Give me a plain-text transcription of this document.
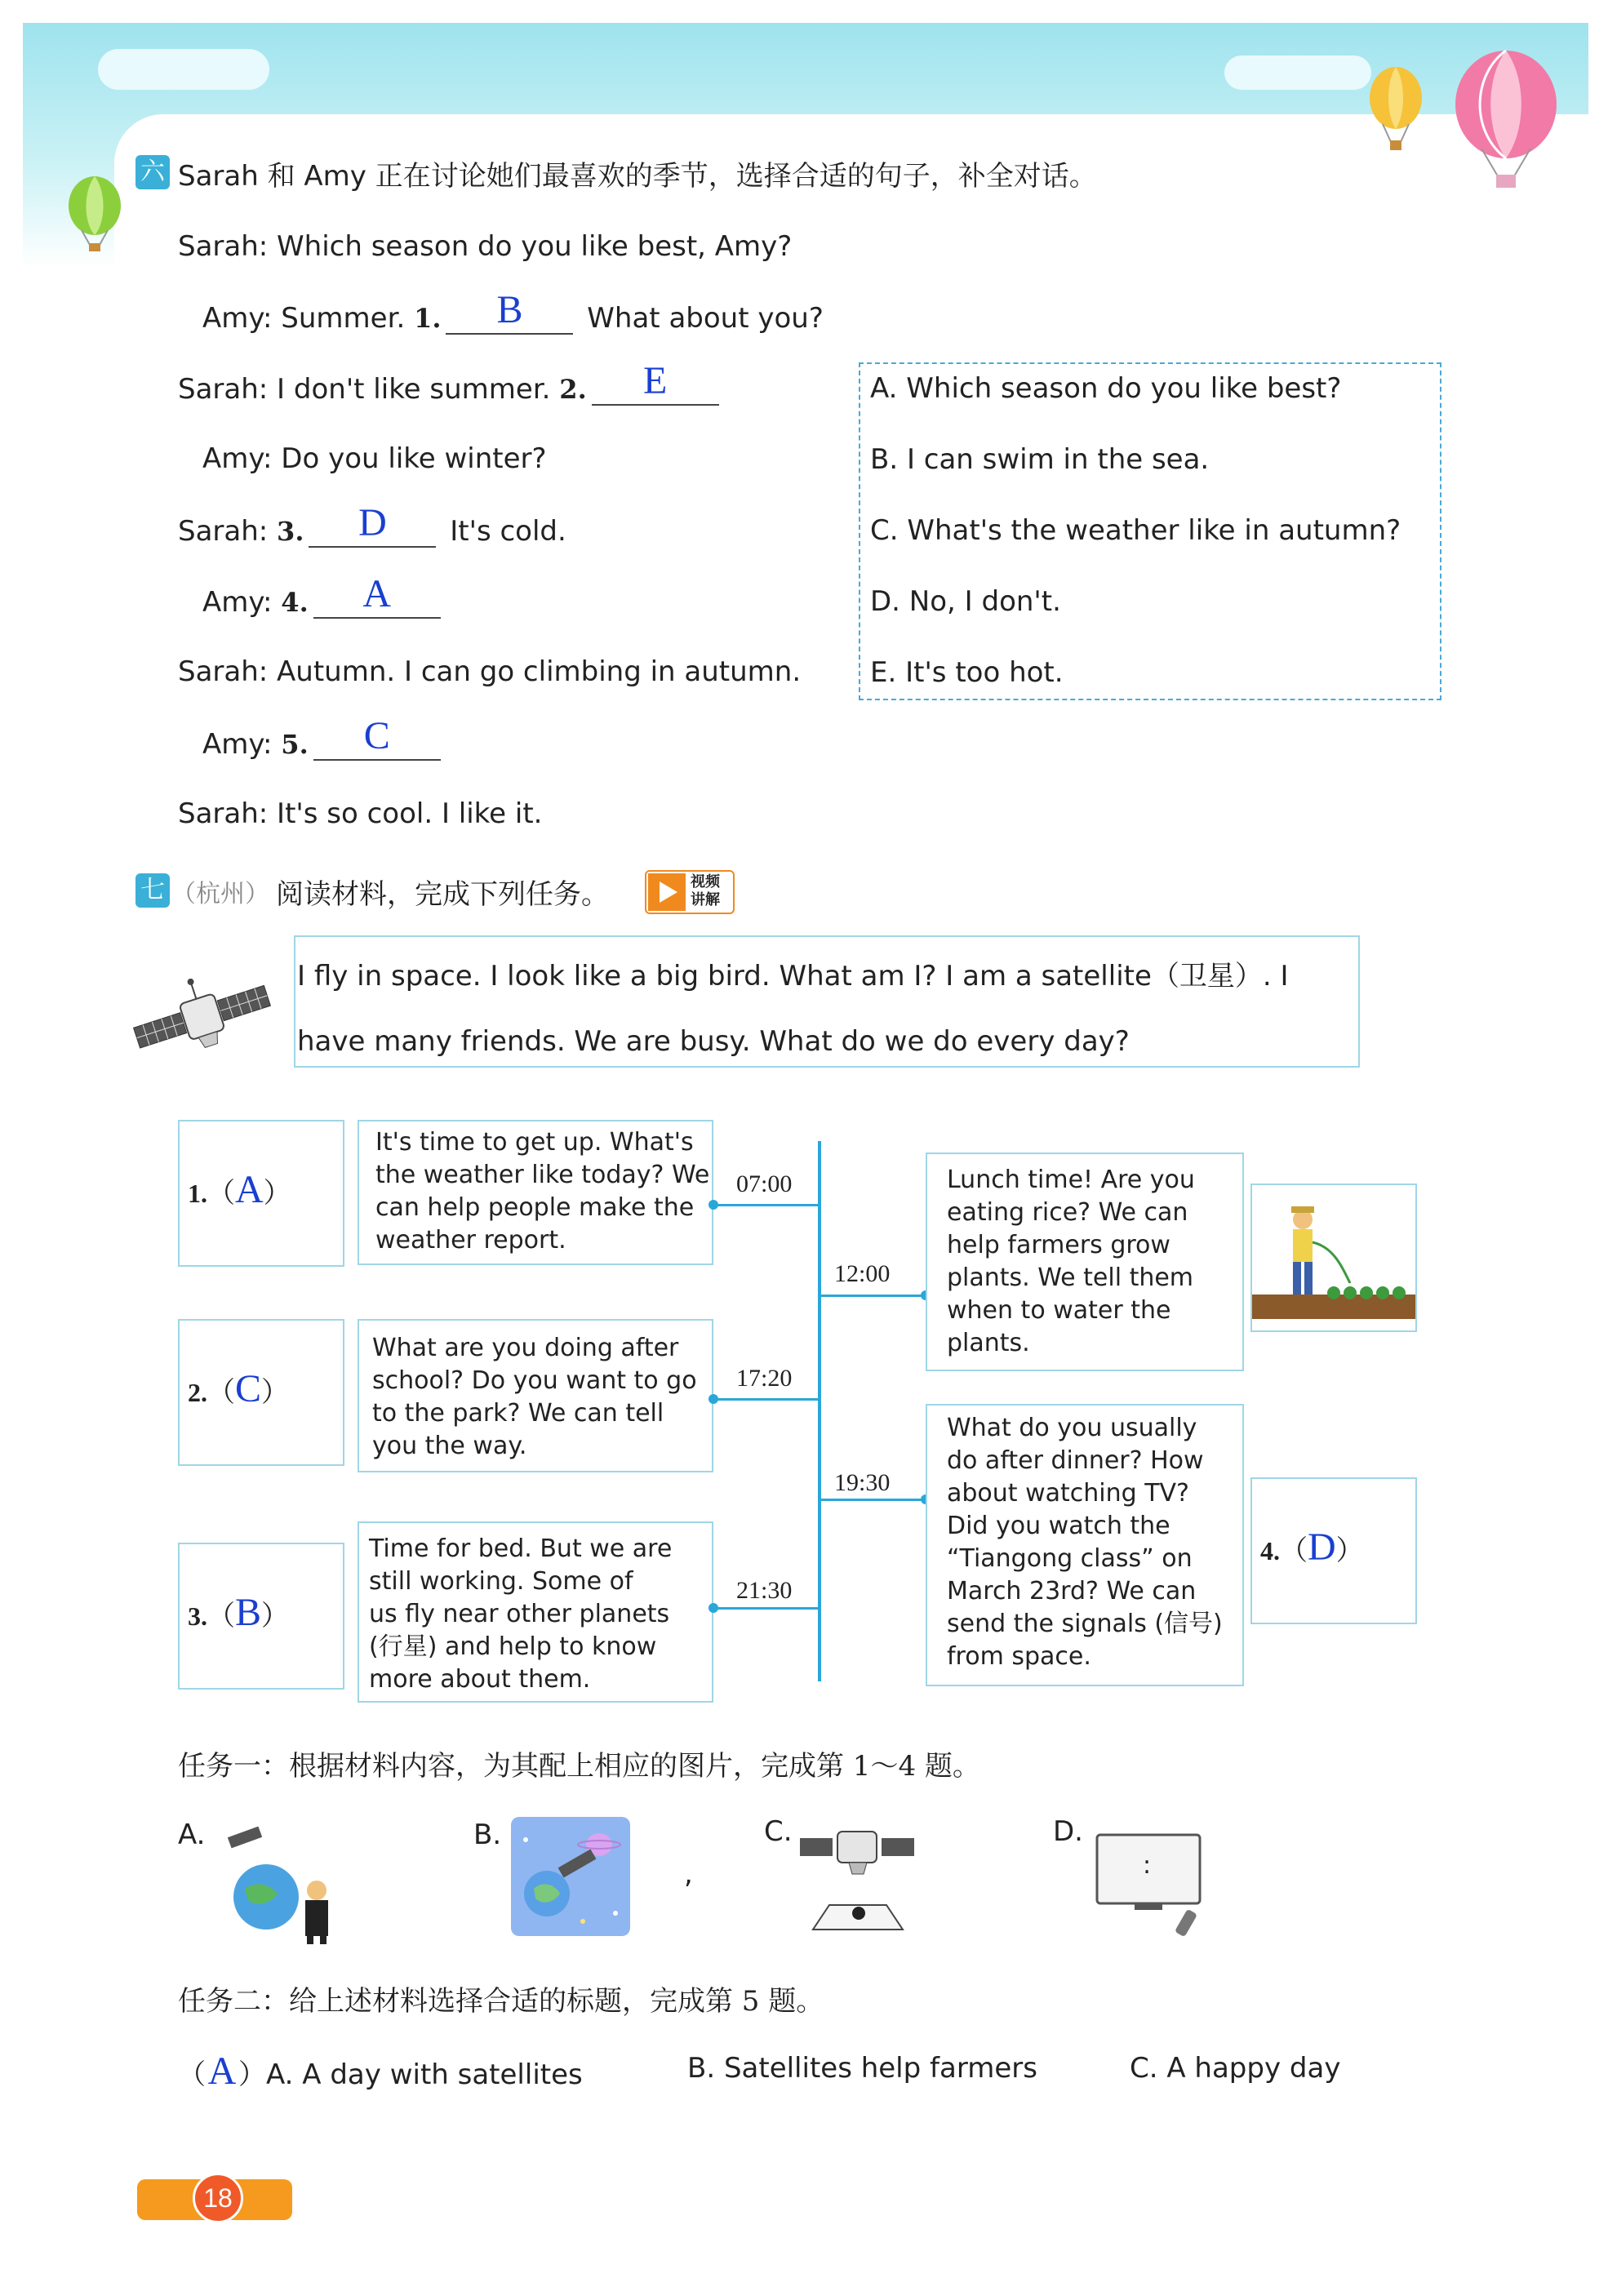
六 Sarah 和 Amy 正在讨论她们最喜欢的季节，选择合适的句子，补全对话。
Sarah: Which season do you like best, Amy?
Amy: Summer. 1.	B	What about you?
Sarah: I don't like summer. 2.	E
Amy: Do you like winter?
Sarah: 3.	D	It's cold.
Amy: 4.	A
Sarah: Autumn. I can go climbing in autumn.
Amy: 5.	C
Sarah: It's so cool. I like it.
A. Which season do you like best?
B. I can swim in the sea.
C. What's the weather like in autumn?
D. No, I don't.
E. It's too hot.
七 （杭州） 阅读材料，完成下列任务。	视频
讲解
I fly in space. I look like a big bird. What am I? I am a satellite（卫星）. I
have many friends. We are busy. What do we do every day?
1.（A）
It's time to get up. What's
the weather like today? We
can help people make the
weather report.
07:00
2.（C）
What are you doing after
school? Do you want to go
to the park? We can tell
you the way.
17:20
3.（B）
Time for bed. But we are
still working. Some of
us fly near other planets
(行星) and help to know
more about them.
21:30
12:00
Lunch time! Are you
eating rice? We can
help farmers grow
plants. We tell them
when to water the
plants.
19:30
What do you usually
do after dinner? How
about watching TV?
Did you watch the
“Tiangong class” on
March 23rd? We can
send the signals (信号)
from space.
4.（D）
任务一：根据材料内容，为其配上相应的图片，完成第 1～4 题。
A.	B.
,
C.	D.
:
任务二：给上述材料选择合适的标题，完成第 5 题。
（A）A. A day with satellites	B. Satellites help farmers	C. A happy day
18
